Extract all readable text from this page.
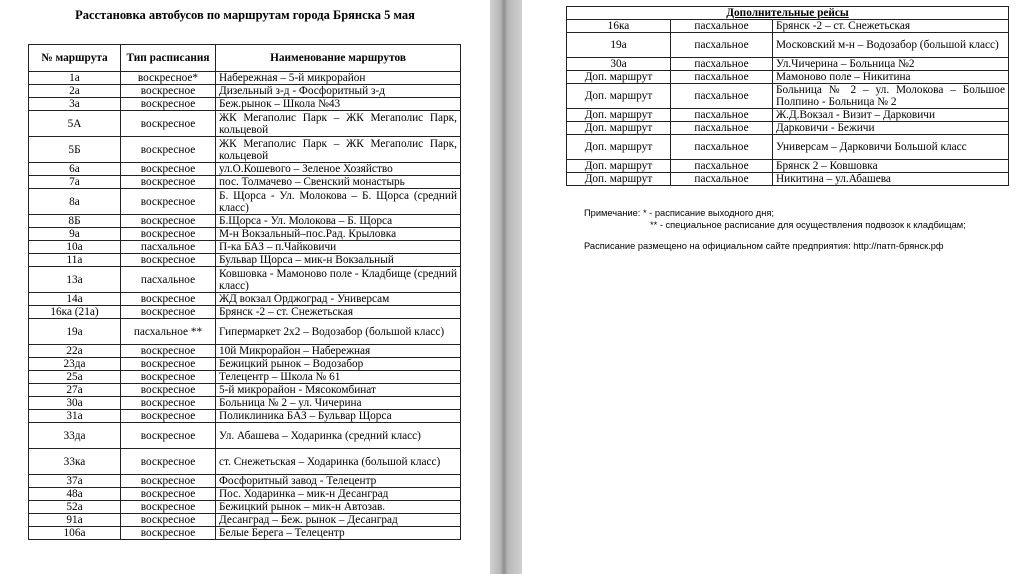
Расстановка автобусов по маршрутам города Брянска 5 мая
№ маршрута	Тип расписания	Наименование маршрутов
1а	воскресное*	Набережная – 5-й микрорайон
2а	воскресное	Дизельный з-д - Фосфоритный з-д
3а	воскресное	Беж.рынок – Школа №43
5А	воскресное	ЖК Мегаполис Парк – ЖК Мегаполис Парк, кольцевой
5Б	воскресное	ЖК Мегаполис Парк – ЖК Мегаполис Парк, кольцевой
6а	воскресное	ул.О.Кошевого – Зеленое Хозяйство
7а	воскресное	пос. Толмачево – Свенский монастырь
8а	воскресное	Б. Щорса - Ул. Молокова – Б. Щорса (средний класс)
8Б	воскресное	Б.Щорса - Ул. Молокова – Б. Щорса
9а	воскресное	М-н Вокзальный–пос.Рад. Крыловка
10а	пасхальное	П-ка БАЗ – п.Чайковичи
11а	воскресное	Бульвар Щорса – мик-н Вокзальный
13а	пасхальное	Ковшовка - Мамоново поле - Кладбище (средний класс)
14а	воскресное	ЖД вокзал Орджоград - Универсам
16ка (21а)	воскресное	Брянск -2 – ст. Снежетьская
19а	пасхальное **	Гипермаркет 2х2 – Водозабор (большой класс)
22а	воскресное	10й Микрорайон – Набережная
23да	воскресное	Бежицкий рынок – Водозабор
25а	воскресное	Телецентр – Школа № 61
27а	воскресное	5-й микрорайон - Мясокомбинат
30а	воскресное	Больница № 2 – ул. Чичерина
31а	воскресное	Поликлиника БАЗ – Бульвар Щорса
33да	воскресное	Ул. Абашева – Ходаринка (средний класс)
33ка	воскресное	ст. Снежетьская – Ходаринка (большой класс)
37а	воскресное	Фосфоритный завод - Телецентр
48а	воскресное	Пос. Ходаринка – мик-н Десанград
52а	воскресное	Бежицкий рынок – мик-н Автозав.
91а	воскресное	Десанград – Беж. рынок – Десанград
106а	воскресное	Белые Берега – Телецентр
Дополнительные рейсы		
16ка	пасхальное	Брянск -2 – ст. Снежетьская
19а	пасхальное	Московский м-н – Водозабор (большой класс)
30а	пасхальное	Ул.Чичерина – Больница №2
Доп. маршрут	пасхальное	Мамоново поле – Никитина
Доп. маршрут	пасхальное	Больница № 2 – ул. Молокова – Большое Полпино - Больница № 2
Доп. маршрут	пасхальное	Ж.Д.Вокзал - Визит – Дарковичи
Доп. маршрут	пасхальное	Дарковичи - Бежичи
Доп. маршрут	пасхальное	Универсам – Дарковичи Большой класс
Доп. маршрут	пасхальное	Брянск 2 – Ковшовка
Доп. маршрут	пасхальное	Никитина – ул.Абашева
Примечание: * - расписание выходного дня;
** - специальное расписание для осуществления подвозок к кладбищам;
Расписание размещено на официальном сайте предприятия: http://патп-брянск.рф
